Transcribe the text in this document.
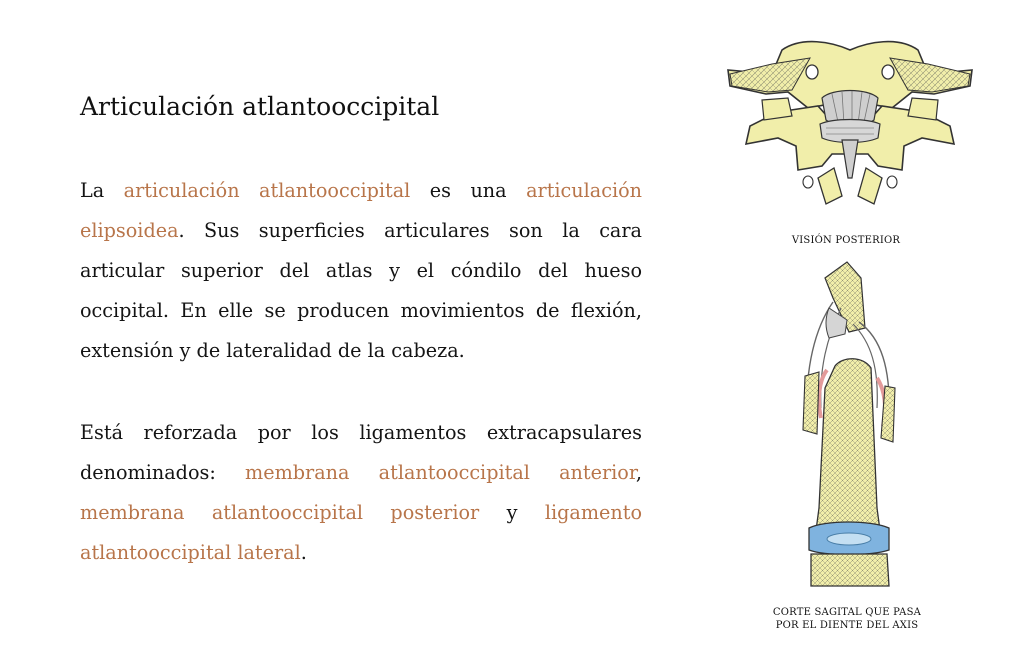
Articulación atlantooccipital

La articulación atlantooccipital es una articulación elipsoidea. Sus superficies articulares son la cara articular superior del atlas y el cóndilo del hueso occipital. En elle se producen movimientos de flexión, extensión y de lateralidad de la cabeza.

Está reforzada por los ligamentos extracapsulares denominados: membrana atlantooccipital anterior, membrana atlantooccipital posterior y ligamento atlantooccipital lateral.

VISIÓN POSTERIOR
CORTE SAGITAL QUE PASA
POR EL DIENTE DEL AXIS
